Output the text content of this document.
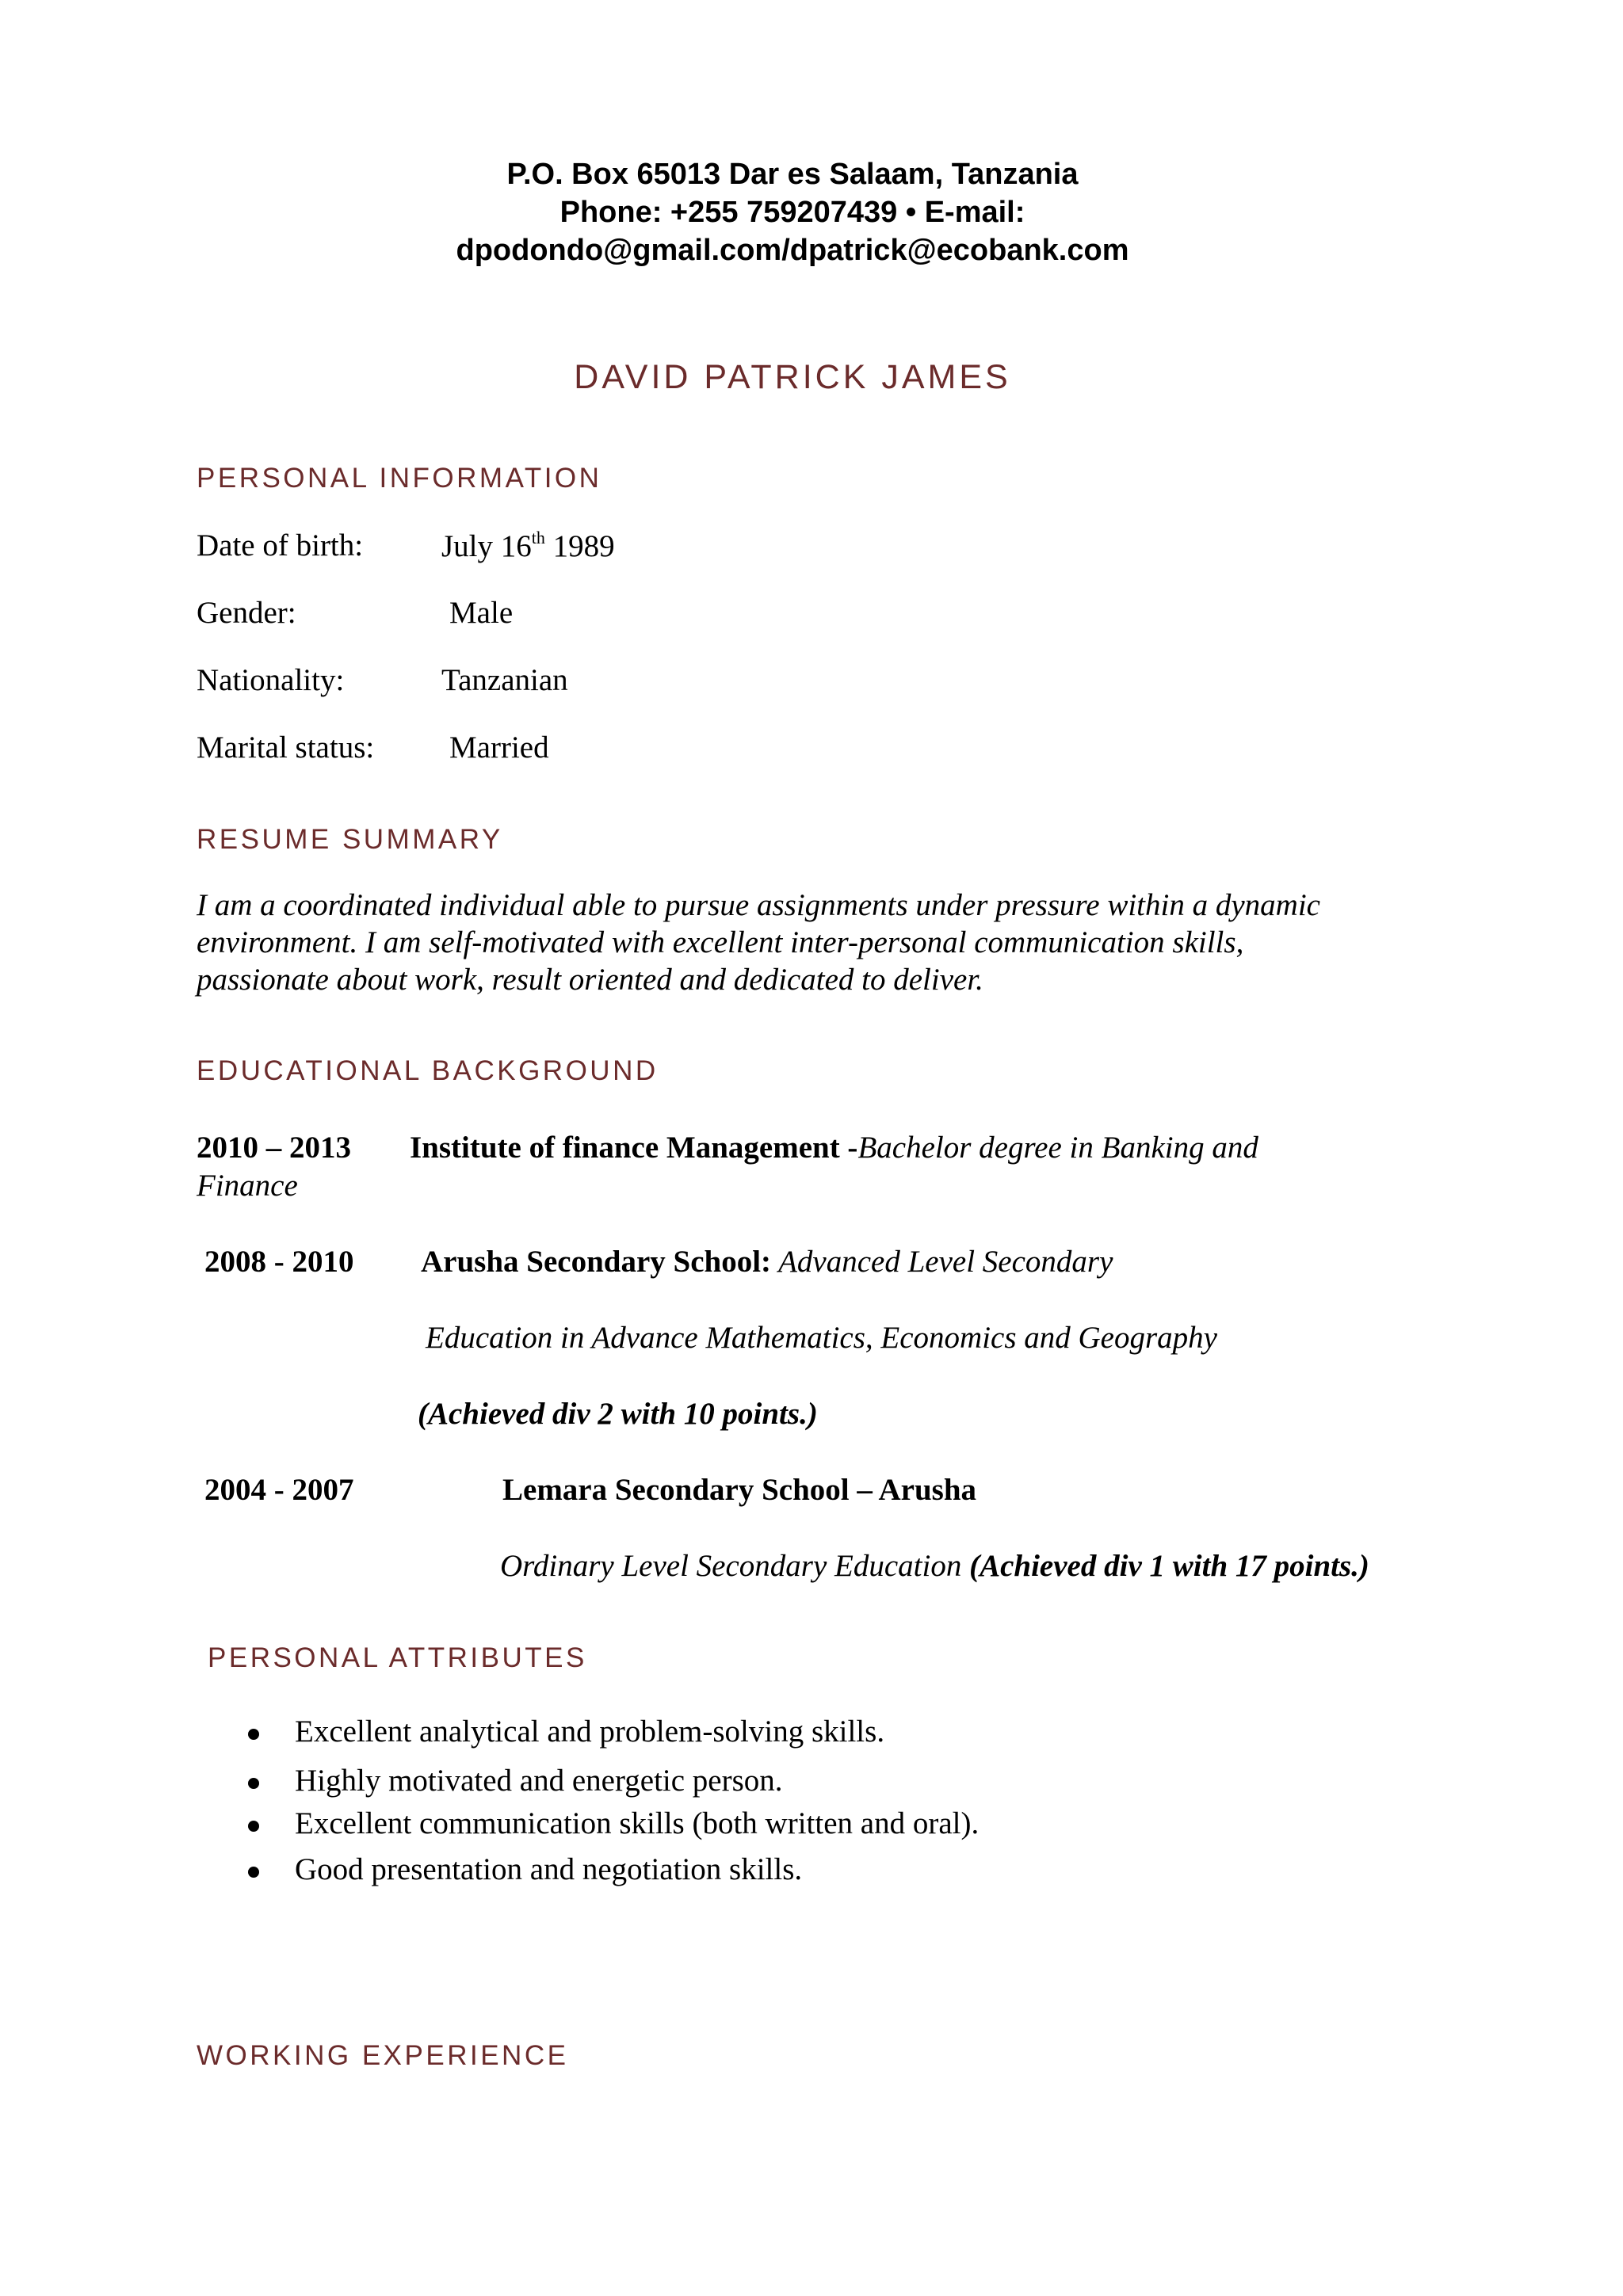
P.O. Box 65013 Dar es Salaam, Tanzania
Phone: +255 759207439 • E-mail:
dpodondo@gmail.com/dpatrick@ecobank.com
DAVID PATRICK JAMES
PERSONAL INFORMATION
Date of birth:	July 16th 1989
Gender:	Male
Nationality:	Tanzanian
Marital status: Married
RESUME SUMMARY
I am a coordinated individual able to pursue assignments under pressure within a dynamic
environment. I am self-motivated with excellent inter-personal communication skills,
passionate about work, result oriented and dedicated to deliver.
EDUCATIONAL BACKGROUND
2010 – 2013 Institute of finance Management -Bachelor degree in Banking and
Finance
2008 - 2010 Arusha Secondary School: Advanced Level Secondary
Education in Advance Mathematics, Economics and Geography
(Achieved div 2 with 10 points.)
2004 - 2007	Lemara Secondary School – Arusha
Ordinary Level Secondary Education (Achieved div 1 with 17 points.)
PERSONAL ATTRIBUTES
Excellent analytical and problem-solving skills.
Highly motivated and energetic person.
Excellent communication skills (both written and oral).
Good presentation and negotiation skills.
WORKING EXPERIENCE
